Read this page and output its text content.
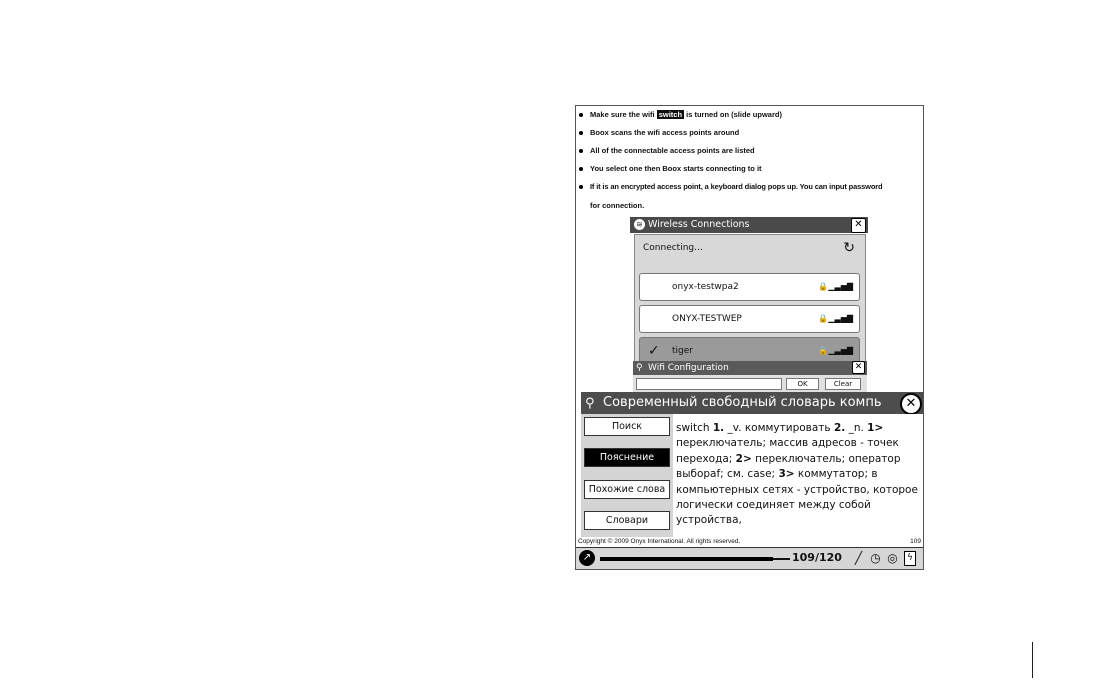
Make sure the wifi switch is turned on (slide upward)
Boox scans the wifi access points around
All of the connectable access points are listed
You select one then Boox starts connecting to it
If it is an encrypted access point, a keyboard dialog pops up. You can input password
for connection.
≋ Wireless Connections	✕
Connecting...	↻
onyx-testwpa2	🔒▁▃▅▇
ONYX-TESTWEP	🔒▁▃▅▇
✓ tiger	🔒▁▃▅▇
⚲ Wifi Configuration	✕
OK	Clear
⚲ Современный свободный словарь компь	✕
Поиск
Пояснение
Похожие слова
Словари
switch 1. _v. коммутировать 2. _n. 1> переключатель; массив адресов - точек перехода; 2> переключатель; оператор выбораf; см. case; 3> коммутатор; в компьютерных сетях - устройство, которое логически соединяет между собой устройства,
Copyright © 2009 Onyx International. All rights reserved.	109
↗	109/120	╱ ◷ ◎	ϟ
